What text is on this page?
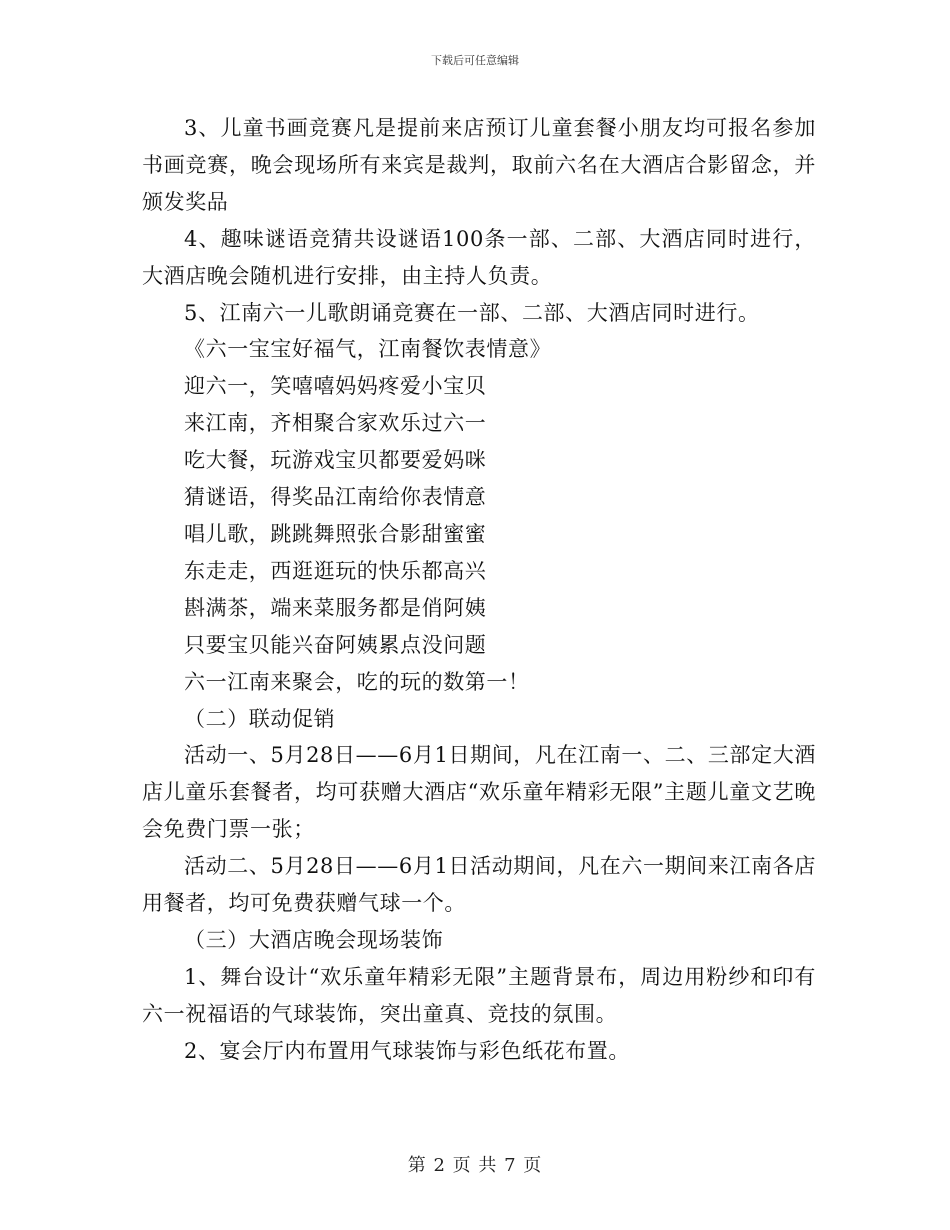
下载后可任意编辑

3、儿童书画竞赛凡是提前来店预订儿童套餐小朋友均可报名参加书画竞赛，晚会现场所有来宾是裁判，取前六名在大酒店合影留念，并颁发奖品

4、趣味谜语竞猜共设谜语100条一部、二部、大酒店同时进行，大酒店晚会随机进行安排，由主持人负责。

5、江南六一儿歌朗诵竞赛在一部、二部、大酒店同时进行。

《六一宝宝好福气，江南餐饮表情意》

迎六一，笑嘻嘻妈妈疼爱小宝贝

来江南，齐相聚合家欢乐过六一

吃大餐，玩游戏宝贝都要爱妈咪

猜谜语，得奖品江南给你表情意

唱儿歌，跳跳舞照张合影甜蜜蜜

东走走，西逛逛玩的快乐都高兴

斟满茶，端来菜服务都是俏阿姨

只要宝贝能兴奋阿姨累点没问题

六一江南来聚会，吃的玩的数第一！

（二）联动促销

活动一、5月28日——6月1日期间，凡在江南一、二、三部定大酒店儿童乐套餐者，均可获赠大酒店“欢乐童年精彩无限”主题儿童文艺晚会免费门票一张；

活动二、5月28日——6月1日活动期间，凡在六一期间来江南各店用餐者，均可免费获赠气球一个。

（三）大酒店晚会现场装饰

1、舞台设计“欢乐童年精彩无限”主题背景布，周边用粉纱和印有六一祝福语的气球装饰，突出童真、竞技的氛围。

2、宴会厅内布置用气球装饰与彩色纸花布置。

第 2 页 共 7 页
